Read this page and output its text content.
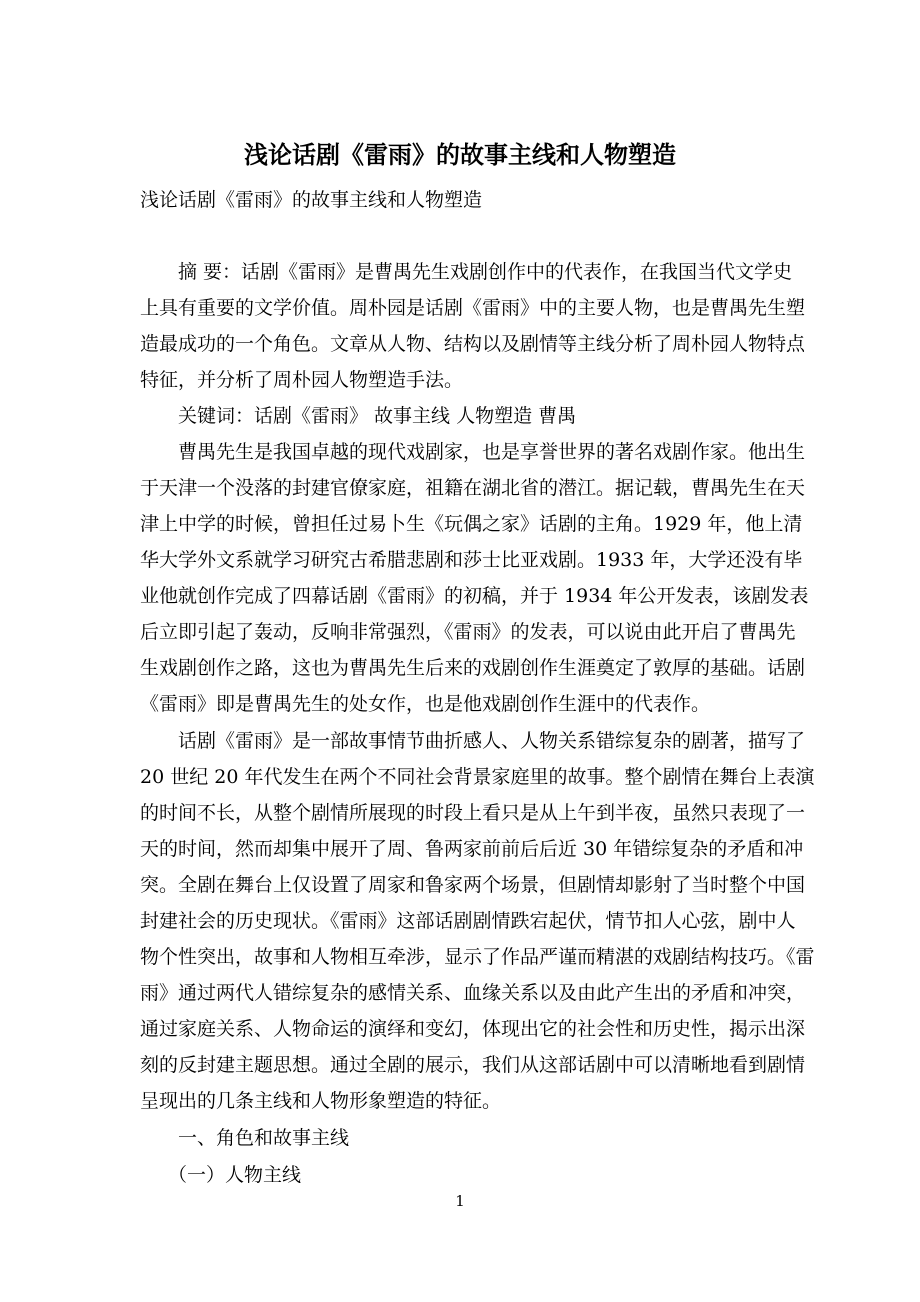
浅论话剧《雷雨》的故事主线和人物塑造
浅论话剧《雷雨》的故事主线和人物塑造
摘 要：话剧《雷雨》是曹禺先生戏剧创作中的代表作，在我国当代文学史
上具有重要的文学价值。周朴园是话剧《雷雨》中的主要人物，也是曹禺先生塑
造最成功的一个角色。文章从人物、结构以及剧情等主线分析了周朴园人物特点
特征，并分析了周朴园人物塑造手法。
关键词：话剧《雷雨》 故事主线 人物塑造 曹禺
曹禺先生是我国卓越的现代戏剧家，也是享誉世界的著名戏剧作家。他出生
于天津一个没落的封建官僚家庭，祖籍在湖北省的潜江。据记载，曹禺先生在天
津上中学的时候，曾担任过易卜生《玩偶之家》话剧的主角。1929 年，他上清
华大学外文系就学习研究古希腊悲剧和莎士比亚戏剧。1933 年，大学还没有毕
业他就创作完成了四幕话剧《雷雨》的初稿，并于 1934 年公开发表，该剧发表
后立即引起了轰动，反响非常强烈，《雷雨》的发表，可以说由此开启了曹禺先
生戏剧创作之路，这也为曹禺先生后来的戏剧创作生涯奠定了敦厚的基础。话剧
《雷雨》即是曹禺先生的处女作，也是他戏剧创作生涯中的代表作。
话剧《雷雨》是一部故事情节曲折感人、人物关系错综复杂的剧著，描写了
20 世纪 20 年代发生在两个不同社会背景家庭里的故事。整个剧情在舞台上表演
的时间不长，从整个剧情所展现的时段上看只是从上午到半夜，虽然只表现了一
天的时间，然而却集中展开了周、鲁两家前前后后近 30 年错综复杂的矛盾和冲
突。全剧在舞台上仅设置了周家和鲁家两个场景，但剧情却影射了当时整个中国
封建社会的历史现状。《雷雨》这部话剧剧情跌宕起伏，情节扣人心弦，剧中人
物个性突出，故事和人物相互牵涉，显示了作品严谨而精湛的戏剧结构技巧。《雷
雨》通过两代人错综复杂的感情关系、血缘关系以及由此产生出的矛盾和冲突，
通过家庭关系、人物命运的演绎和变幻，体现出它的社会性和历史性，揭示出深
刻的反封建主题思想。通过全剧的展示，我们从这部话剧中可以清晰地看到剧情
呈现出的几条主线和人物形象塑造的特征。
一、角色和故事主线
（一）人物主线
1
